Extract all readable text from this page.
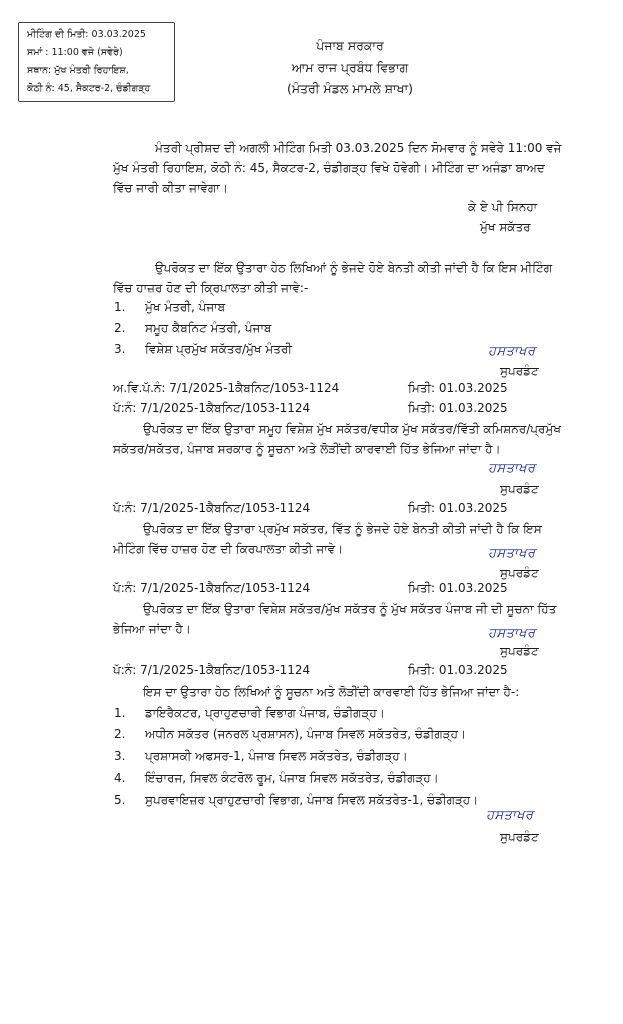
ਮੀਟਿੰਗ ਦੀ ਮਿਤੀ: 03.03.2025
ਸਮਾਂ : 11:00 ਵਜੇ (ਸਵੇਰੇ)
ਸਥਾਨ: ਮੁੱਖ ਮੰਤਰੀ ਰਿਹਾਇਸ਼,
ਕੋਠੀ ਨੰ: 45, ਸੈਕਟਰ-2, ਚੰਡੀਗੜ੍ਹ
ਪੰਜਾਬ ਸਰਕਾਰ
ਆਮ ਰਾਜ ਪ੍ਰਬੰਧ ਵਿਭਾਗ
(ਮੰਤਰੀ ਮੰਡਲ ਮਾਮਲੇ ਸ਼ਾਖਾ)
ਮੰਤਰੀ ਪ੍ਰੀਸ਼ਦ ਦੀ ਅਗਲੀ ਮੀਟਿੰਗ ਮਿਤੀ 03.03.2025 ਦਿਨ ਸੋਮਵਾਰ ਨੂੰ ਸਵੇਰੇ 11:00 ਵਜੇ ਮੁੱਖ ਮੰਤਰੀ ਰਿਹਾਇਸ਼, ਕੋਠੀ ਨੰ: 45, ਸੈਕਟਰ-2, ਚੰਡੀਗੜ੍ਹ ਵਿਖੇ ਹੋਵੇਗੀ। ਮੀਟਿੰਗ ਦਾ ਅਜੰਡਾ ਬਾਅਦ ਵਿੱਚ ਜਾਰੀ ਕੀਤਾ ਜਾਵੇਗਾ।
ਕੇ ਏ ਪੀ ਸਿਨਹਾ
ਮੁੱਖ ਸਕੱਤਰ
ਉਪਰੋਕਤ ਦਾ ਇੱਕ ਉਤਾਰਾ ਹੇਠ ਲਿਖਿਆਂ ਨੂੰ ਭੇਜਦੇ ਹੋਏ ਬੇਨਤੀ ਕੀਤੀ ਜਾਂਦੀ ਹੈ ਕਿ ਇਸ ਮੀਟਿੰਗ ਵਿੱਚ ਹਾਜ਼ਰ ਹੋਣ ਦੀ ਕ੍ਰਿਪਾਲਤਾ ਕੀਤੀ ਜਾਵੇ:-
1. ਮੁੱਖ ਮੰਤਰੀ, ਪੰਜਾਬ
2. ਸਮੂਹ ਕੈਬਨਿਟ ਮੰਤਰੀ, ਪੰਜਾਬ
3. ਵਿਸ਼ੇਸ਼ ਪ੍ਰਮੁੱਖ ਸਕੱਤਰ/ਮੁੱਖ ਮੰਤਰੀ	ਹਸਤਾਖਰ
ਸੁਪਰਡੰਟ
ਅ.ਵਿ.ਪੱ.ਨੰ: 7/1/2025-1ਕੈਬਨਿਟ/1053-1124	ਮਿਤੀ: 01.03.2025
ਪੱ:ਨੰ: 7/1/2025-1ਕੈਬਨਿਟ/1053-1124	ਮਿਤੀ: 01.03.2025
ਉਪਰੋਕਤ ਦਾ ਇੱਕ ਉਤਾਰਾ ਸਮੂਹ ਵਿਸ਼ੇਸ਼ ਮੁੱਖ ਸਕੱਤਰ/ਵਧੀਕ ਮੁੱਖ ਸਕੱਤਰ/ਵਿੱਤੀ ਕਮਿਸ਼ਨਰ/ਪ੍ਰਮੁੱਖ ਸਕੱਤਰ/ਸਕੱਤਰ, ਪੰਜਾਬ ਸਰਕਾਰ ਨੂੰ ਸੂਚਨਾ ਅਤੇ ਲੋੜੀਂਦੀ ਕਾਰਵਾਈ ਹਿੱਤ ਭੇਜਿਆ ਜਾਂਦਾ ਹੈ।
ਹਸਤਾਖਰ
ਸੁਪਰਡੰਟ
ਪੱ:ਨੰ: 7/1/2025-1ਕੈਬਨਿਟ/1053-1124	ਮਿਤੀ: 01.03.2025
ਉਪਰੋਕਤ ਦਾ ਇੱਕ ਉਤਾਰਾ ਪ੍ਰਮੁੱਖ ਸਕੱਤਰ, ਵਿੱਤ ਨੂੰ ਭੇਜਦੇ ਹੋਏ ਬੇਨਤੀ ਕੀਤੀ ਜਾਂਦੀ ਹੈ ਕਿ ਇਸ ਮੀਟਿੰਗ ਵਿੱਚ ਹਾਜ਼ਰ ਹੋਣ ਦੀ ਕਿਰਪਾਲਤਾ ਕੀਤੀ ਜਾਵੇ।	ਹਸਤਾਖਰ
ਸੁਪਰਡੰਟ
ਪੱ:ਨੰ: 7/1/2025-1ਕੈਬਨਿਟ/1053-1124	ਮਿਤੀ: 01.03.2025
ਉਪਰੋਕਤ ਦਾ ਇੱਕ ਉਤਾਰਾ ਵਿਸ਼ੇਸ਼ ਸਕੱਤਰ/ਮੁੱਖ ਸਕੱਤਰ ਨੂੰ ਮੁੱਖ ਸਕੱਤਰ ਪੰਜਾਬ ਜੀ ਦੀ ਸੂਚਨਾ ਹਿੱਤ ਭੇਜਿਆ ਜਾਂਦਾ ਹੈ।	ਹਸਤਾਖਰ
ਸੁਪਰਡੰਟ
ਪੱ:ਨੰ: 7/1/2025-1ਕੈਬਨਿਟ/1053-1124	ਮਿਤੀ: 01.03.2025
ਇਸ ਦਾ ਉਤਾਰਾ ਹੇਠ ਲਿਖਿਆਂ ਨੂੰ ਸੂਚਨਾ ਅਤੇ ਲੋੜੀਂਦੀ ਕਾਰਵਾਈ ਹਿੱਤ ਭੇਜਿਆ ਜਾਂਦਾ ਹੈ-:
1. ਡਾਇਰੈਕਟਰ, ਪ੍ਰਾਹੁਣਚਾਰੀ ਵਿਭਾਗ ਪੰਜਾਬ, ਚੰਡੀਗੜ੍ਹ।
2. ਅਧੀਨ ਸਕੱਤਰ (ਜਨਰਲ ਪ੍ਰਸ਼ਾਸਨ), ਪੰਜਾਬ ਸਿਵਲ ਸਕੱਤਰੇਤ, ਚੰਡੀਗੜ੍ਹ।
3. ਪ੍ਰਸ਼ਾਸਕੀ ਅਫਸਰ-1, ਪੰਜਾਬ ਸਿਵਲ ਸਕੱਤਰੇਤ, ਚੰਡੀਗੜ੍ਹ।
4. ਇੰਚਾਰਜ, ਸਿਵਲ ਕੰਟਰੋਲ ਰੂਮ, ਪੰਜਾਬ ਸਿਵਲ ਸਕੱਤਰੇਤ, ਚੰਡੀਗੜ੍ਹ।
5. ਸੁਪਰਵਾਇਜ਼ਰ ਪ੍ਰਾਹੁਣਚਾਰੀ ਵਿਭਾਗ, ਪੰਜਾਬ ਸਿਵਲ ਸਕੱਤਰੇਤ-1, ਚੰਡੀਗੜ੍ਹ।
ਹਸਤਾਖਰ
ਸੁਪਰਡੰਟ
